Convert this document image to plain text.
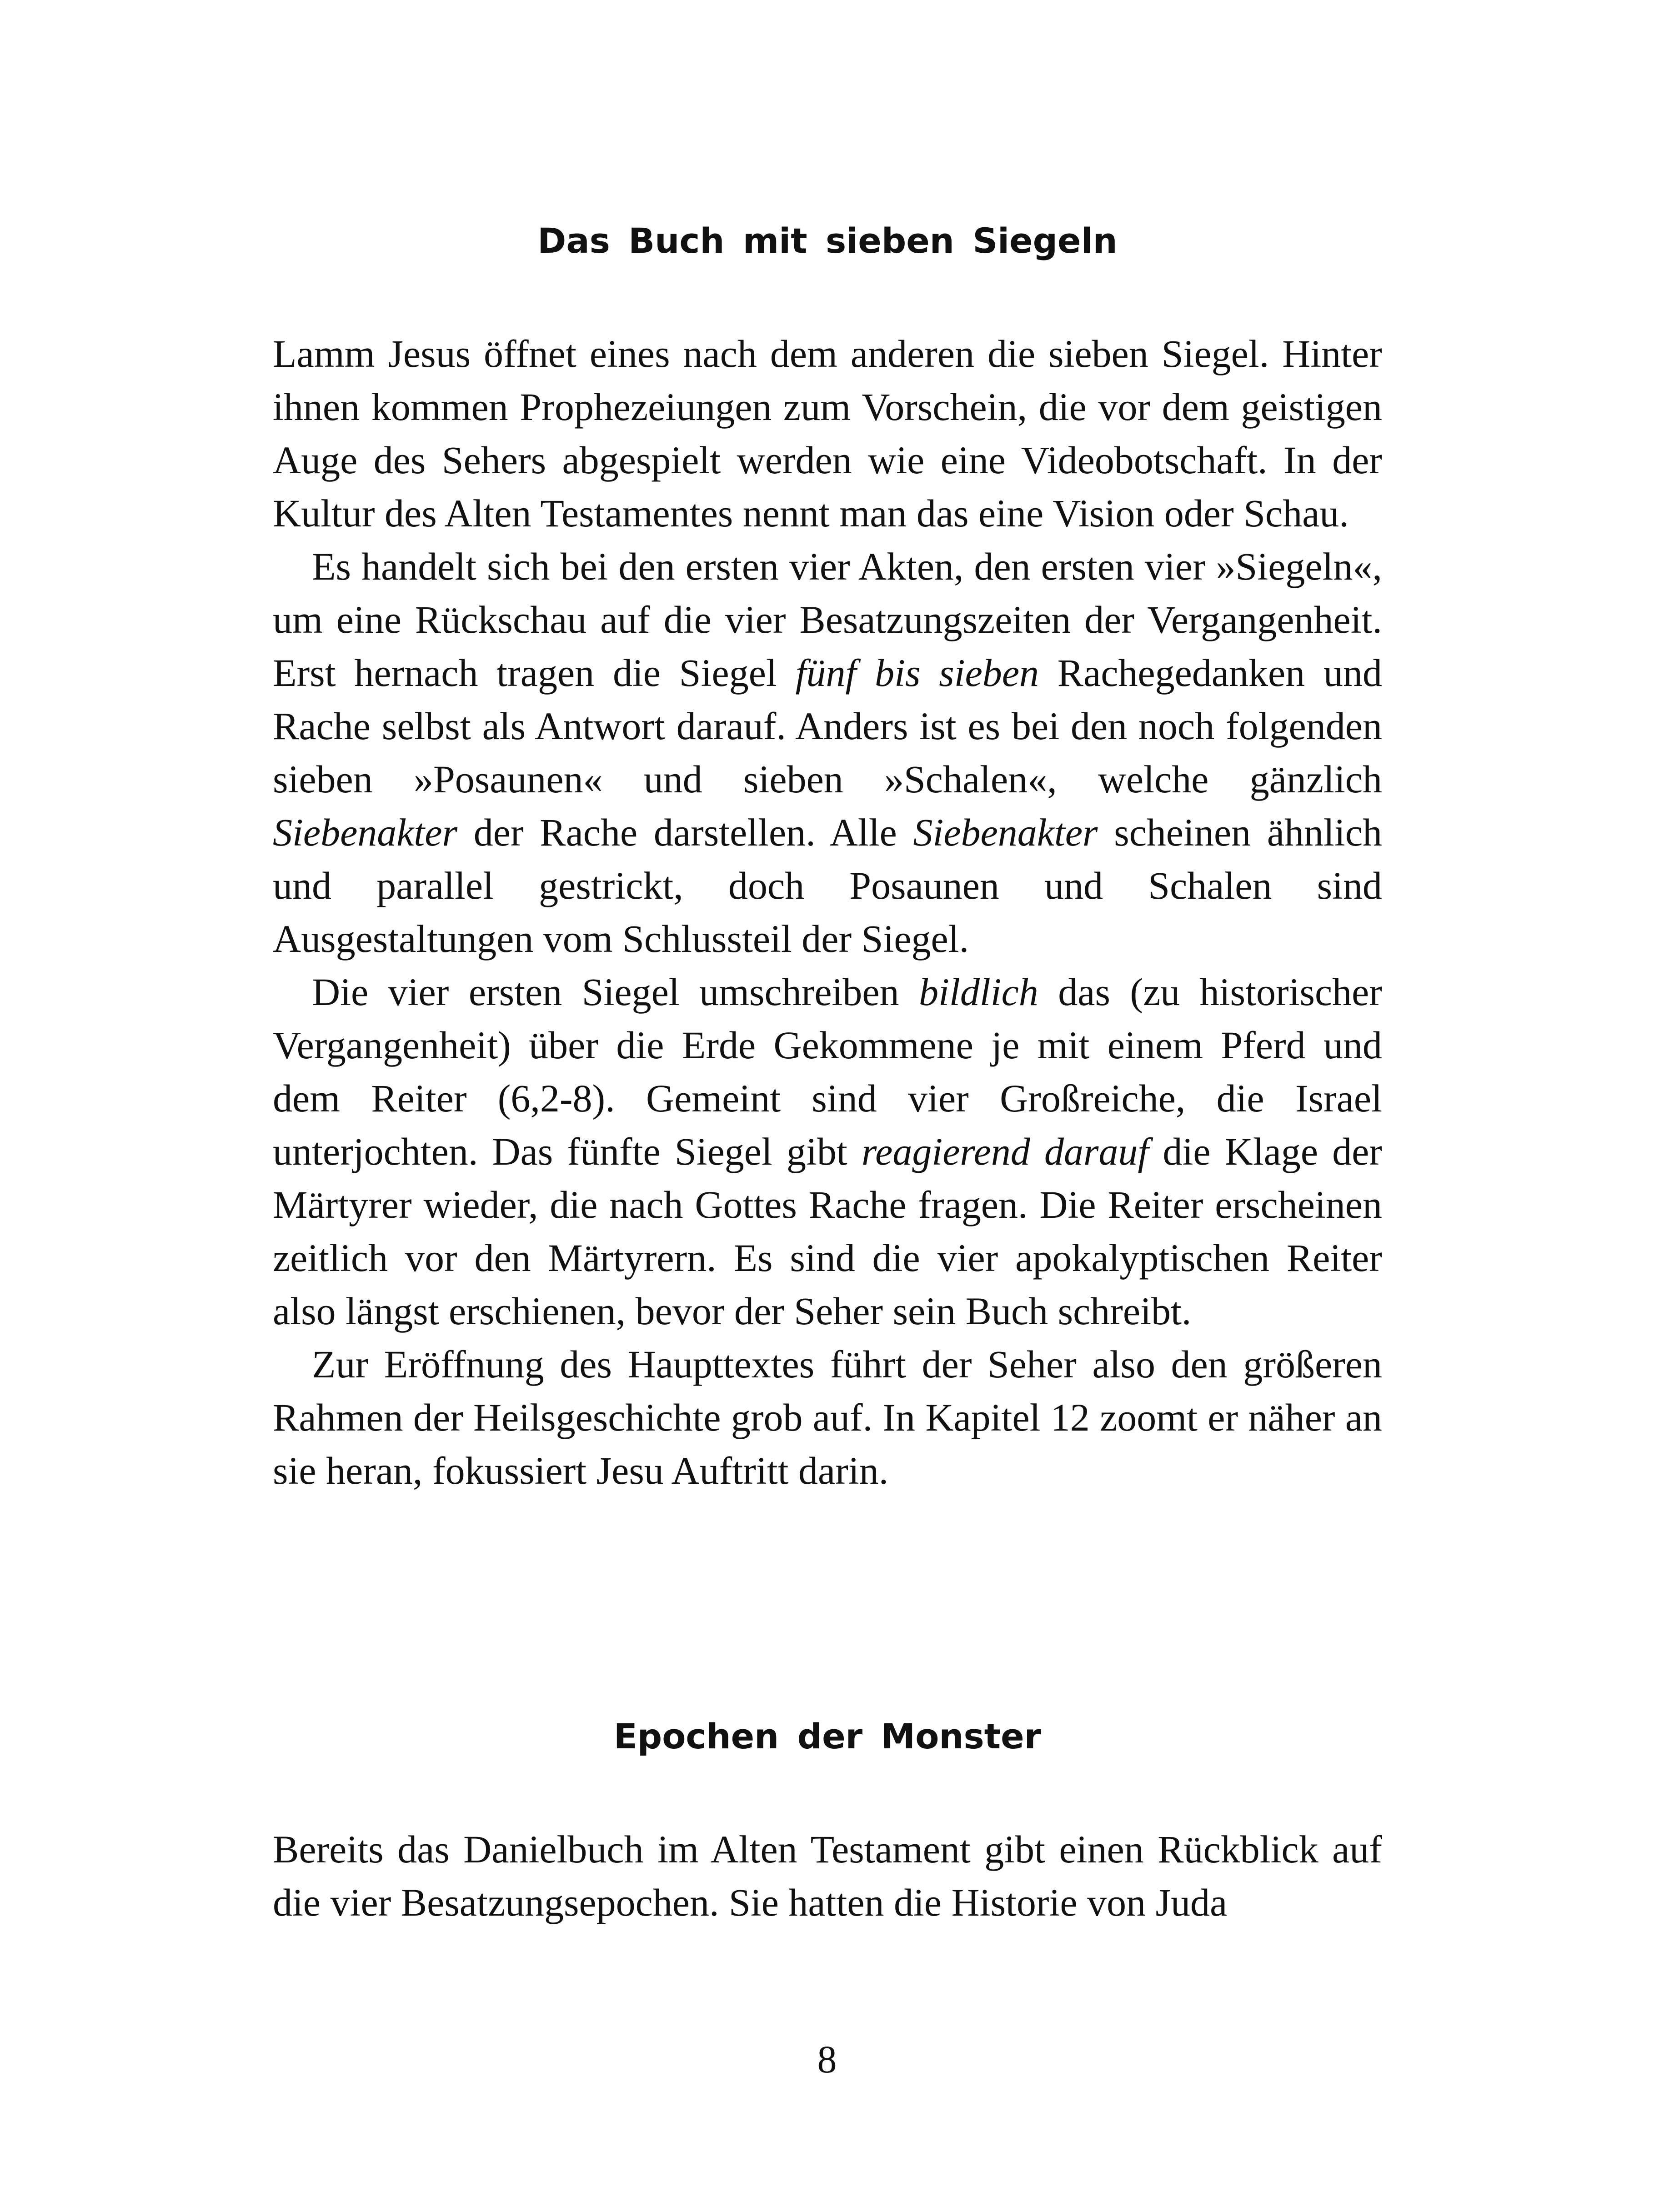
Das Buch mit sieben Siegeln

Lamm Jesus öffnet eines nach dem anderen die sieben Siegel. Hinter ihnen kommen Prophezeiungen zum Vorschein, die vor dem geistigen Auge des Sehers abgespielt werden wie eine Videobotschaft. In der Kultur des Alten Testamentes nennt man das eine Vision oder Schau.

Es handelt sich bei den ersten vier Akten, den ersten vier »Siegeln«, um eine Rückschau auf die vier Besatzungszeiten der Vergangenheit. Erst hernach tragen die Siegel fünf bis sieben Rachegedanken und Rache selbst als Antwort darauf. Anders ist es bei den noch folgenden sieben »Posaunen« und sieben »Schalen«, welche gänzlich Siebenakter der Rache darstellen. Alle Siebenakter scheinen ähnlich und parallel gestrickt, doch Posaunen und Schalen sind Ausgestaltungen vom Schlussteil der Siegel.

Die vier ersten Siegel umschreiben bildlich das (zu historischer Vergangenheit) über die Erde Gekommene je mit einem Pferd und dem Reiter (6,2-8). Gemeint sind vier Großreiche, die Israel unterjochten. Das fünfte Siegel gibt reagierend darauf die Klage der Märtyrer wieder, die nach Gottes Rache fragen. Die Reiter erscheinen zeitlich vor den Märtyrern. Es sind die vier apokalyptischen Reiter also längst erschienen, bevor der Seher sein Buch schreibt.

Zur Eröffnung des Haupttextes führt der Seher also den größeren Rahmen der Heilsgeschichte grob auf. In Kapitel 12 zoomt er näher an sie heran, fokussiert Jesu Auftritt darin.

Epochen der Monster

Bereits das Danielbuch im Alten Testament gibt einen Rückblick auf die vier Besatzungsepochen. Sie hatten die Historie von Juda

8
